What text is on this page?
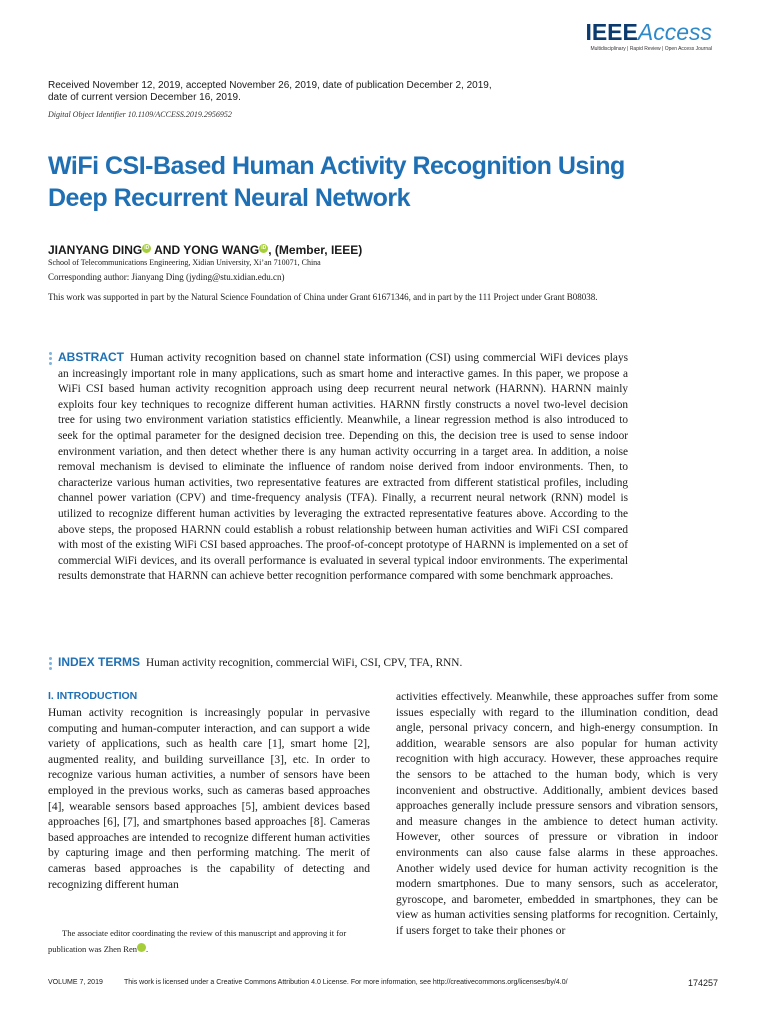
IEEEAccess
Multidisciplinary | Rapid Review | Open Access Journal
Received November 12, 2019, accepted November 26, 2019, date of publication December 2, 2019,
date of current version December 16, 2019.
Digital Object Identifier 10.1109/ACCESS.2019.2956952
WiFi CSI-Based Human Activity Recognition Using Deep Recurrent Neural Network
JIANYANG DING iD AND YONG WANG iD , (Member, IEEE)
School of Telecommunications Engineering, Xidian University, Xi’an 710071, China
Corresponding author: Jianyang Ding (jyding@stu.xidian.edu.cn)
This work was supported in part by the Natural Science Foundation of China under Grant 61671346, and in part by the 111 Project under Grant B08038.

ABSTRACT Human activity recognition based on channel state information (CSI) using commercial WiFi devices plays an increasingly important role in many applications, such as smart home and interactive games. In this paper, we propose a WiFi CSI based human activity recognition approach using deep recurrent neural network (HARNN). HARNN mainly exploits four key techniques to recognize different human activities. HARNN firstly constructs a novel two-level decision tree for using two environment variation statistics efficiently. Meanwhile, a linear regression method is also introduced to seek for the optimal parameter for the designed decision tree. Depending on this, the decision tree is used to sense indoor environment variation, and then detect whether there is any human activity occurring in a target area. In addition, a noise removal mechanism is devised to eliminate the influence of random noise derived from indoor environments. Then, to characterize various human activities, two representative features are extracted from different statistical profiles, including channel power variation (CPV) and time-frequency analysis (TFA). Finally, a recurrent neural network (RNN) model is utilized to recognize different human activities by leveraging the extracted representative features above. According to the above steps, the proposed HARNN could establish a robust relationship between human activities and WiFi CSI compared with most of the existing WiFi CSI based approaches. The proof-of-concept prototype of HARNN is implemented on a set of commercial WiFi devices, and its overall performance is evaluated in several typical indoor environments. The experimental results demonstrate that HARNN can achieve better recognition performance compared with some benchmark approaches.

INDEX TERMS Human activity recognition, commercial WiFi, CSI, CPV, TFA, RNN.

I. INTRODUCTION

Human activity recognition is increasingly popular in pervasive computing and human-computer interaction, and can support a wide variety of applications, such as health care [1], smart home [2], augmented reality, and building surveillance [3], etc. In order to recognize various human activities, a number of sensors have been employed in the previous works, such as cameras based approaches [4], wearable sensors based approaches [5], ambient devices based approaches [6], [7], and smartphones based approaches [8]. Cameras based approaches are intended to recognize different human activities by capturing image and then performing matching. The merit of cameras based approaches is the capability of detecting and recognizing different human

activities effectively. Meanwhile, these approaches suffer from some issues especially with regard to the illumination condition, dead angle, personal privacy concern, and high-energy consumption. In addition, wearable sensors are also popular for human activity recognition with high accuracy. However, these approaches require the sensors to be attached to the human body, which is very inconvenient and obstructive. Additionally, ambient devices based approaches generally include pressure sensors and vibration sensors, and measure changes in the ambience to detect human activity. However, other sources of pressure or vibration in indoor environments can also cause false alarms in these approaches. Another widely used device for human activity recognition is the modern smartphones. Due to many sensors, such as accelerator, gyroscope, and barometer, embedded in smartphones, they can be view as human activities sensing platforms for recognition. Certainly, if users forget to take their phones or

The associate editor coordinating the review of this manuscript and approving it for publication was Zhen Ren	iD.

VOLUME 7, 2019	This work is licensed under a Creative Commons Attribution 4.0 License. For more information, see http://creativecommons.org/licenses/by/4.0/	174257
